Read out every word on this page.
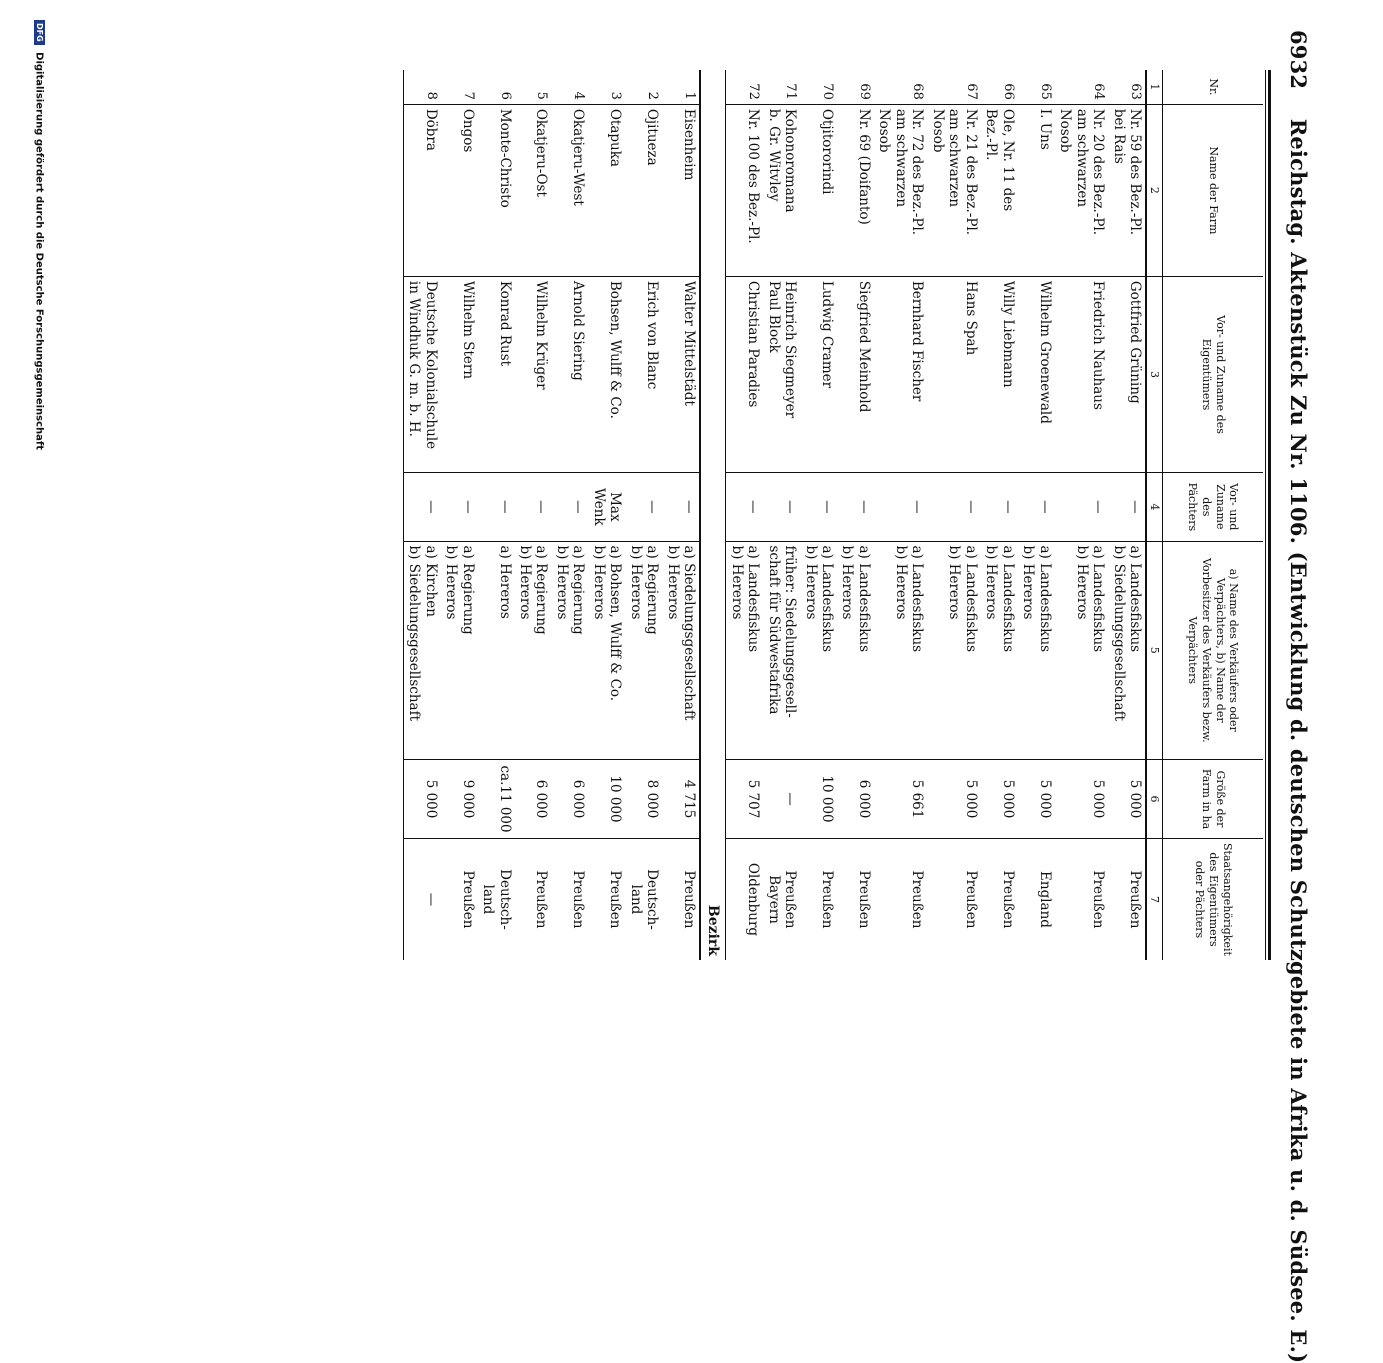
6932 Reichstag. Aktenstück Zu Nr. 1106. (Entwicklung d. deutschen Schutzgebiete in Afrika u. d. Südsee. E.)
Nr.	Name der Farm	Vor- und Zuname des Eigentümers	Vor- und Zuname des Pächters	a) Name des Verkäufers oder Verpächters, b) Name der Vorbesitzer des Verkäufers bezw. Verpächters	Größe der Farm in ha	Staatsangehörigkeit des Eigentümers oder Pächters
1	2	3	4	5	6	7
63	Nr. 59 des Bez.-Pl.
bei Rais	Gottfried Grüning	—	a) Landesfiskus
b) Siedelungsgesellschaft	5 000	Preußen

64	Nr. 20 des Bez.-Pl.
am schwarzen
Nosob	Friedrich Nauhaus	—	a) Landesfiskus
b) Hereros	5 000	Preußen

65	I. Uns	Wilhelm Groenewald	—	a) Landesfiskus
b) Hereros	5 000	England

66	Ole, Nr. 11 des
Bez.-Pl.	Willy Liebmann	—	a) Landesfiskus
b) Hereros	5 000	Preußen

67	Nr. 21 des Bez.-Pl.
am schwarzen
Nosob	Hans Spah	—	a) Landesfiskus
b) Hereros	5 000	Preußen

68	Nr. 72 des Bez.-Pl.
am schwarzen
Nosob	Bernhard Fischer	—	a) Landesfiskus
b) Hereros	5 661	Preußen

69	Nr. 69 (Doifanto)	Siegfried Meinhold	—	a) Landesfiskus
b) Hereros	6 000	Preußen

70	Otjitororindi	Ludwig Cramer	—	a) Landesfiskus
b) Hereros	10 000	Preußen

71	Kohonoromana
b. Gr. Witvley	Heinrich Siegmeyer
Paul Block	—	früher: Siedelungsgesell-
schaft für Südwestafrika	—	Preußen
Bayern

72	Nr. 100 des Bez.-Pl.	Christian Paradies	—	a) Landesfiskus
b) Hereros	5 707	Oldenburg

Bezirk						
1	Eisenheim	Walter Mittelstädt	—	a) Siedelungsgesellschaft
b) Hereros	4 715	Preußen

2	Ojitueza	Erich von Blanc	—	a) Regierung
b) Hereros	8 000	Deutsch-
land

3	Otapuka	Bohsen, Wulff & Co.	Max Wenk	a) Bohsen, Wulff & Co.
b) Hereros	10 000	Preußen

4	Okatjeru-West	Arnold Siering	—	a) Regierung
b) Hereros	6 000	Preußen

5	Okatjeru-Ost	Wilhelm Krüger	—	a) Regierung
b) Hereros	6 000	Preußen

6	Monte-Christo	Konrad Rust	—	a) Hereros	ca.11 000	Deutsch-
land

7	Ongos	Wilhelm Stern	—	a) Regierung
b) Hereros	9 000	Preußen

8	Döbra	Deutsche Kolonialschule
in Windhuk G. m. b. H.	—	a) Kirchen
b) Siedelungsgesellschaft	5 000	—
DFG Digitalisierung gefördert durch die Deutsche Forschungsgemeinschaft
